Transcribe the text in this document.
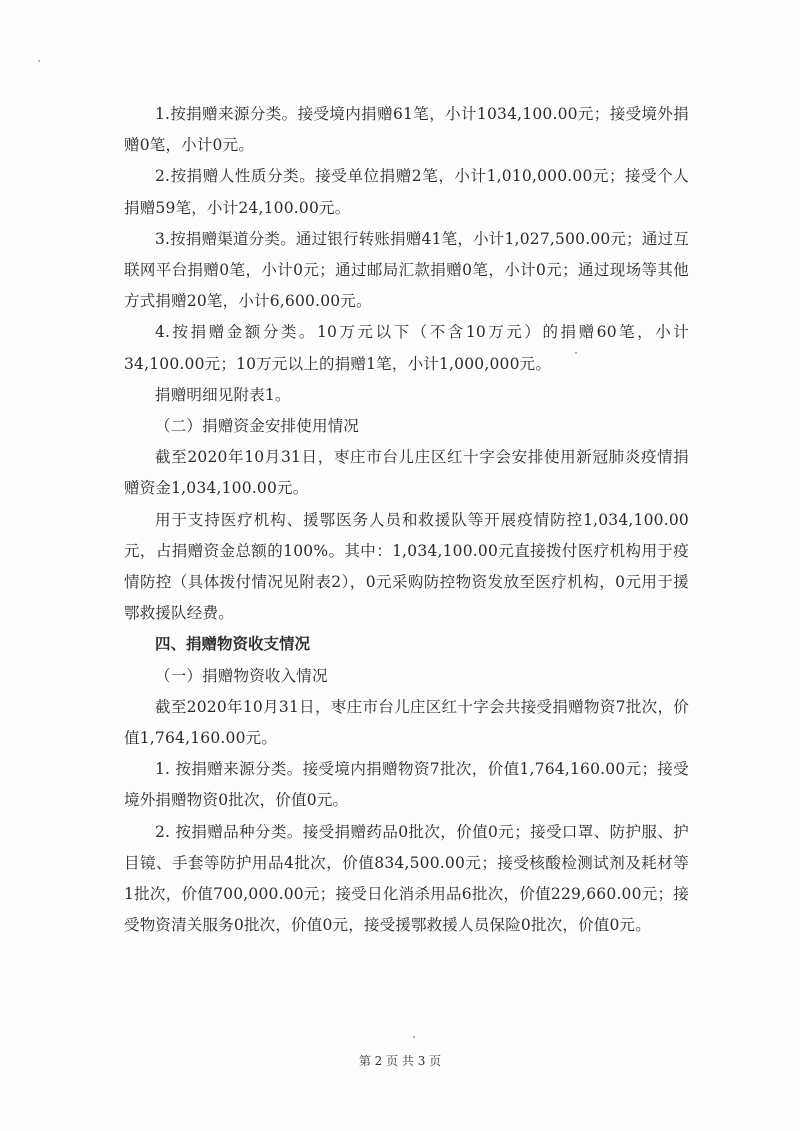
1.按捐赠来源分类。接受境内捐赠61笔，小计1034,100.00元；接受境外捐赠0笔，小计0元。

2.按捐赠人性质分类。接受单位捐赠2笔，小计1,010,000.00元；接受个人捐赠59笔，小计24,100.00元。

3.按捐赠渠道分类。通过银行转账捐赠41笔，小计1,027,500.00元；通过互联网平台捐赠0笔，小计0元；通过邮局汇款捐赠0笔，小计0元；通过现场等其他方式捐赠20笔，小计6,600.00元。

4.按捐赠金额分类。10万元以下（不含10万元）的捐赠60笔，小计34,100.00元；10万元以上的捐赠1笔，小计1,000,000元。

捐赠明细见附表1。

（二）捐赠资金安排使用情况

截至2020年10月31日，枣庄市台儿庄区红十字会安排使用新冠肺炎疫情捐赠资金1,034,100.00元。

用于支持医疗机构、援鄂医务人员和救援队等开展疫情防控1,034,100.00元，占捐赠资金总额的100%。其中：1,034,100.00元直接拨付医疗机构用于疫情防控（具体拨付情况见附表2），0元采购防控物资发放至医疗机构，0元用于援鄂救援队经费。

四、捐赠物资收支情况

（一）捐赠物资收入情况

截至2020年10月31日，枣庄市台儿庄区红十字会共接受捐赠物资7批次，价值1,764,160.00元。

1. 按捐赠来源分类。接受境内捐赠物资7批次，价值1,764,160.00元；接受境外捐赠物资0批次，价值0元。

2. 按捐赠品种分类。接受捐赠药品0批次，价值0元；接受口罩、防护服、护目镜、手套等防护用品4批次，价值834,500.00元；接受核酸检测试剂及耗材等1批次，价值700,000.00元；接受日化消杀用品6批次，价值229,660.00元；接受物资清关服务0批次，价值0元，接受援鄂救援人员保险0批次，价值0元。

第 2 页 共 3 页
